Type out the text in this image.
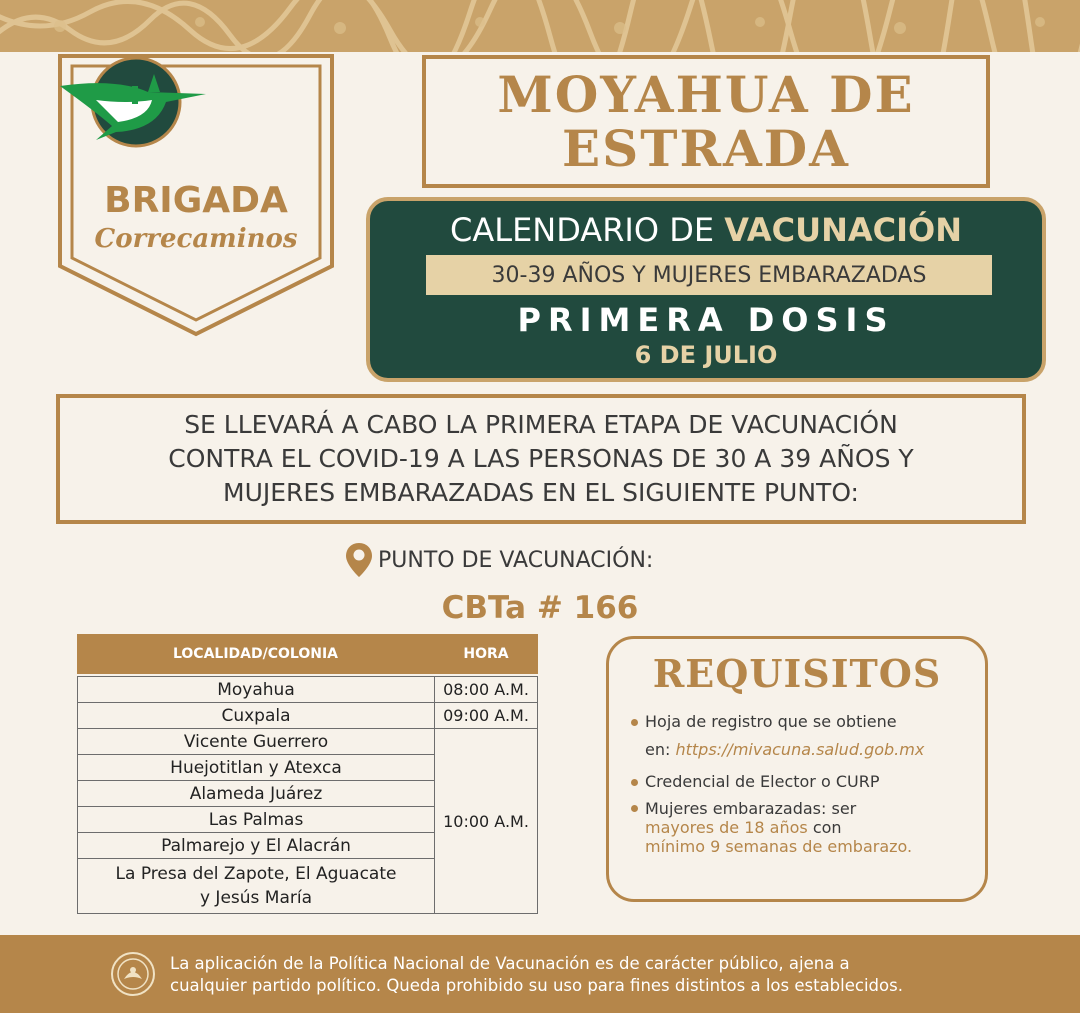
BRIGADA
Correcaminos
MOYAHUA DE
ESTRADA
CALENDARIO DE VACUNACIÓN
30-39 AÑOS Y MUJERES EMBARAZADAS
PRIMERA DOSIS
6 DE JULIO
SE LLEVARÁ A CABO LA PRIMERA ETAPA DE VACUNACIÓN
CONTRA EL COVID-19 A LAS PERSONAS DE 30 A 39 AÑOS Y
MUJERES EMBARAZADAS EN EL SIGUIENTE PUNTO:
PUNTO DE VACUNACIÓN:
CBTa # 166
LOCALIDAD/COLONIA	HORA
Moyahua
Cuxpala
Vicente Guerrero
Huejotitlan y Atexca
Alameda Juárez
Las Palmas
Palmarejo y El Alacrán
La Presa del Zapote, El Aguacate
y Jesús María
08:00 A.M.
09:00 A.M.
10:00 A.M.
REQUISITOS
Hoja de registro que se obtiene
en: https://mivacuna.salud.gob.mx
Credencial de Elector o CURP
Mujeres embarazadas: ser
mayores de 18 años con
mínimo 9 semanas de embarazo.
La aplicación de la Política Nacional de Vacunación es de carácter público, ajena a
cualquier partido político. Queda prohibido su uso para fines distintos a los establecidos.
